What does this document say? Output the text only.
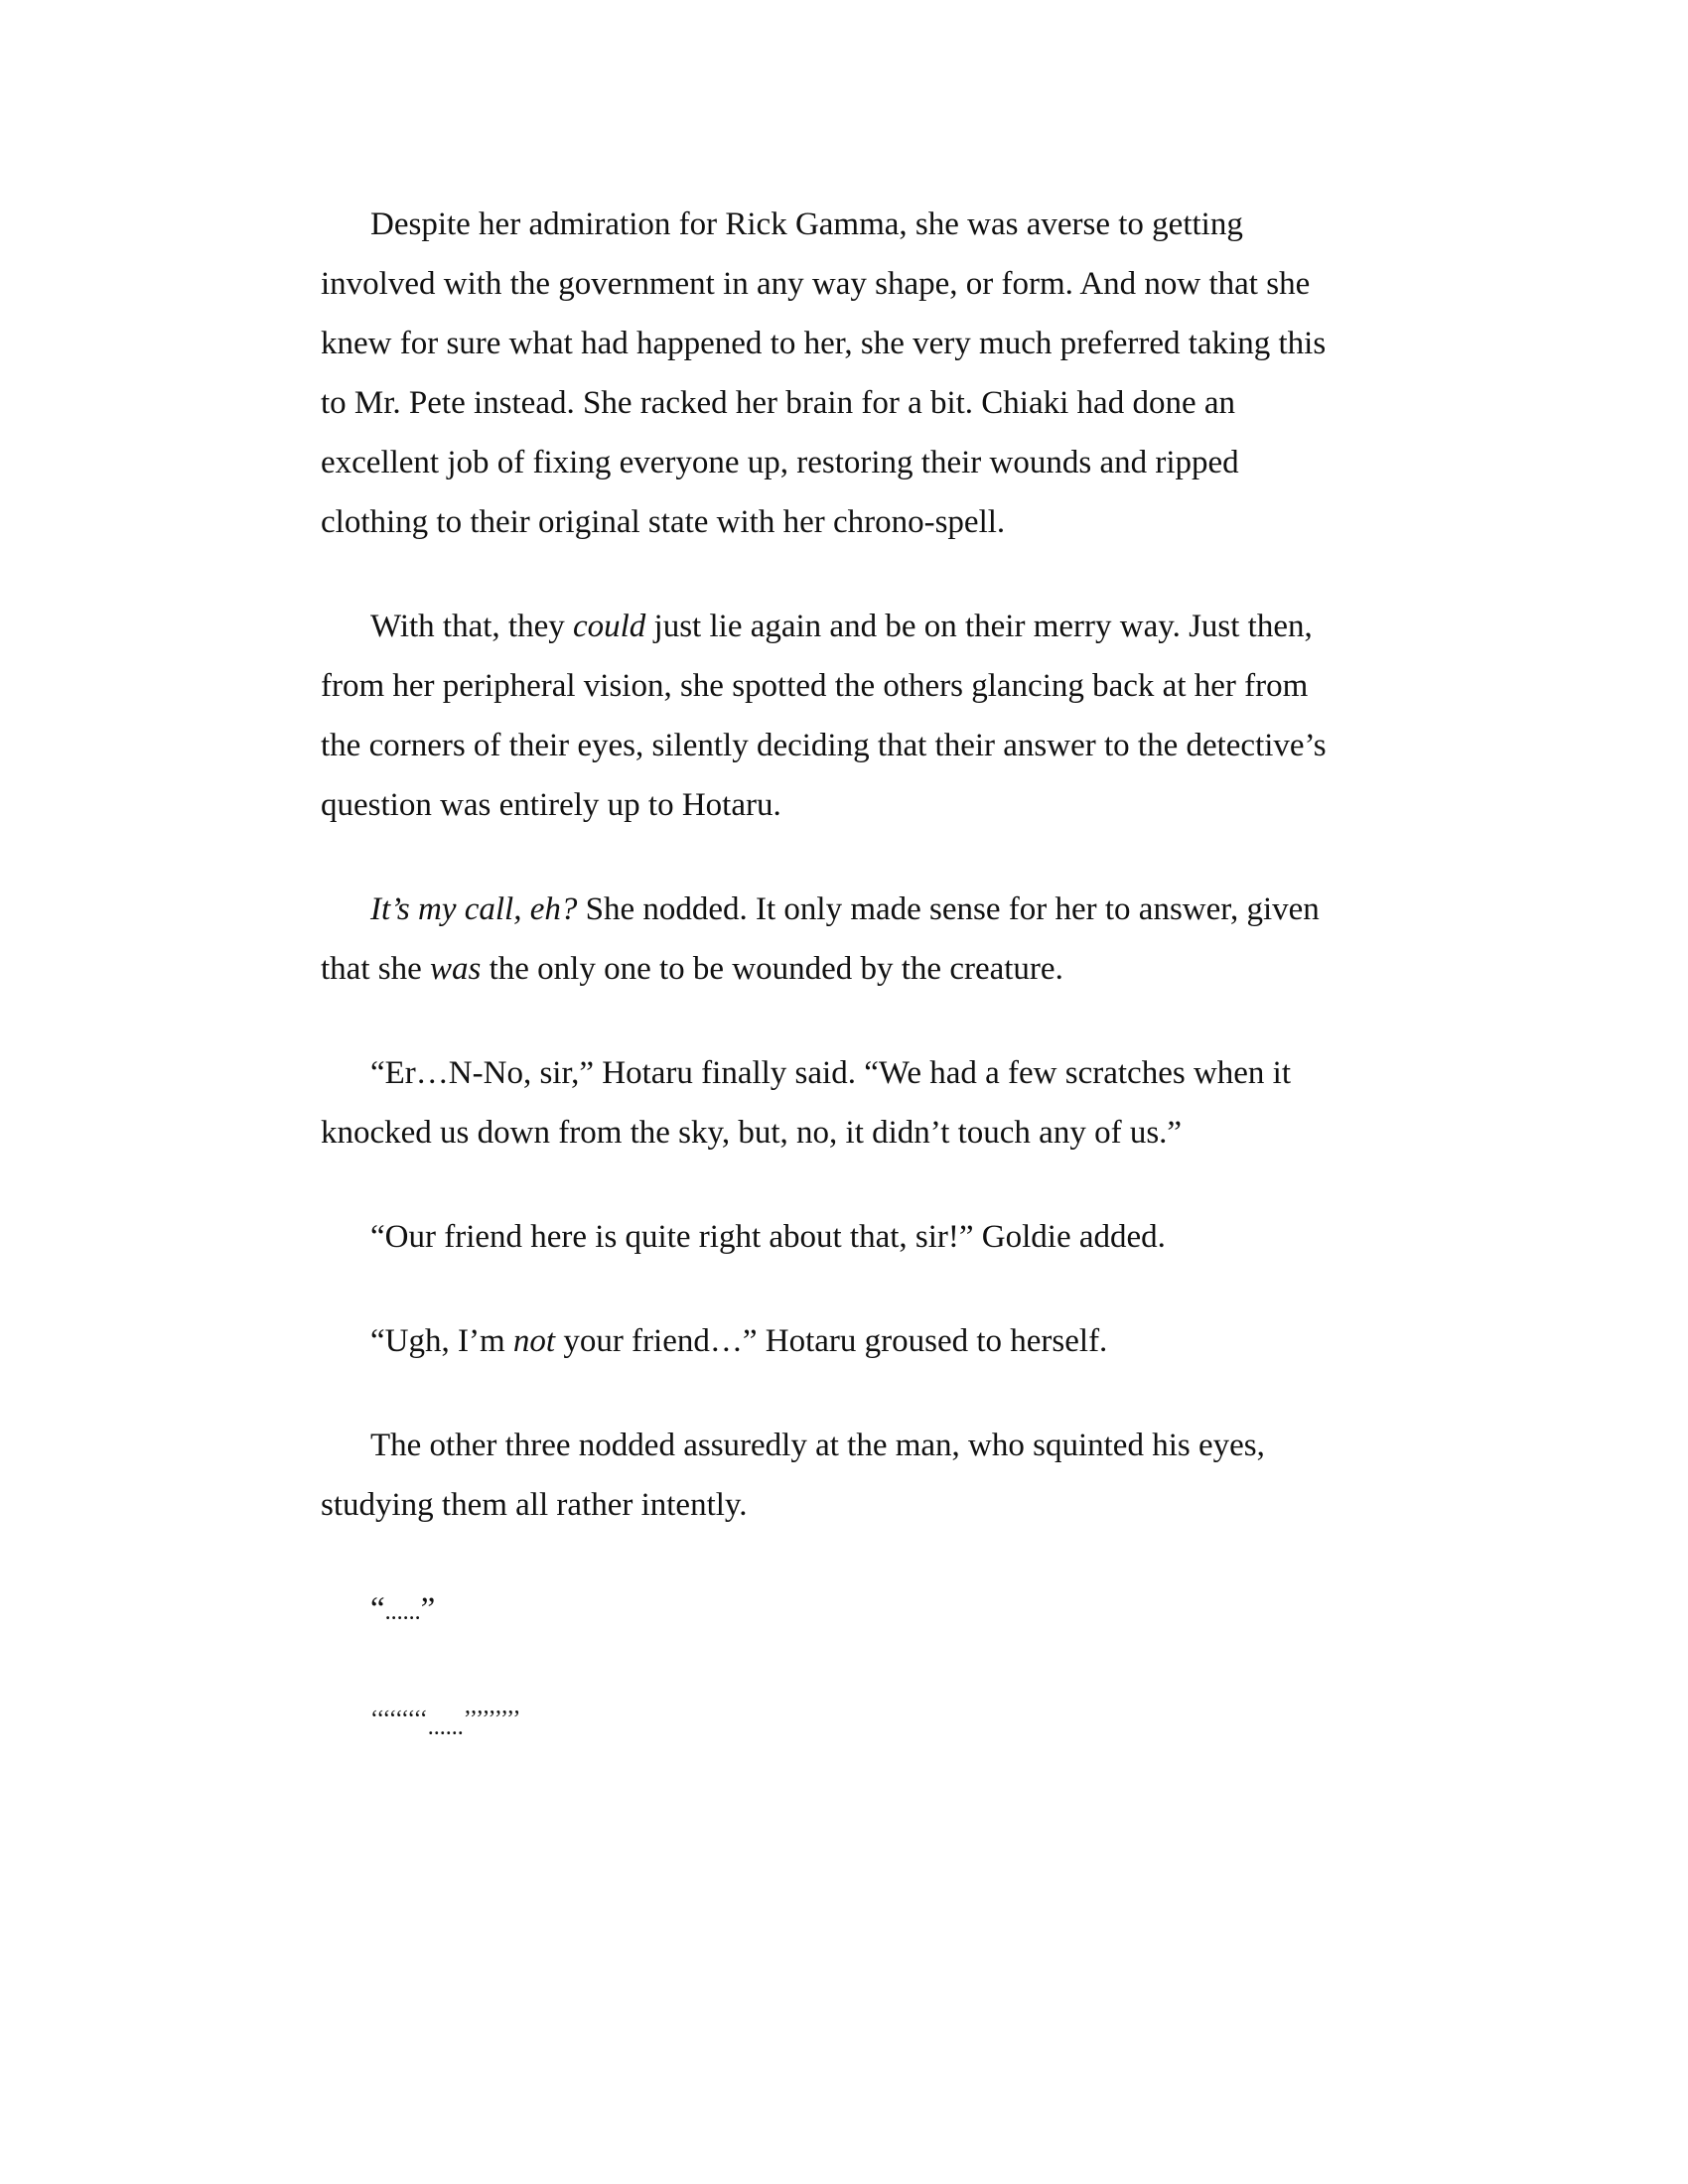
Despite her admiration for Rick Gamma, she was averse to getting involved with the government in any way shape, or form. And now that she knew for sure what had happened to her, she very much preferred taking this to Mr. Pete instead. She racked her brain for a bit. Chiaki had done an excellent job of fixing everyone up, restoring their wounds and ripped clothing to their original state with her chrono-spell.

With that, they could just lie again and be on their merry way. Just then, from her peripheral vision, she spotted the others glancing back at her from the corners of their eyes, silently deciding that their answer to the detective’s question was entirely up to Hotaru.

It’s my call, eh? She nodded. It only made sense for her to answer, given that she was the only one to be wounded by the creature.

“Er…N-No, sir,” Hotaru finally said. “We had a few scratches when it knocked us down from the sky, but, no, it didn’t touch any of us.”

“Our friend here is quite right about that, sir!” Goldie added.

“Ugh, I’m not your friend…” Hotaru groused to herself.

The other three nodded assuredly at the man, who squinted his eyes, studying them all rather intently.

“......”

‘‘‘‘‘‘‘‘‘$_{......}$’’’’’’’’’
